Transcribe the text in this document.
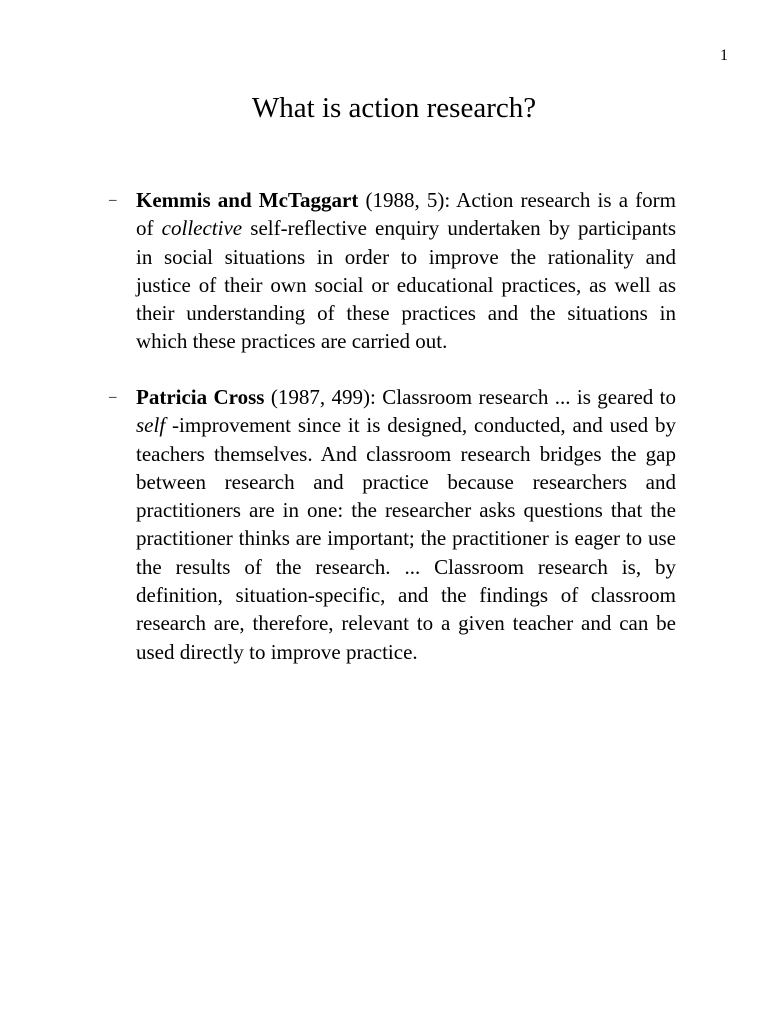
1
What is action research?
– Kemmis and McTaggart (1988, 5): Action research is a form of collective self-reflective enquiry undertaken by participants in social situations in order to improve the rationality and justice of their own social or educational practices, as well as their understanding of these practices and the situations in which these practices are carried out.
– Patricia Cross (1987, 499): Classroom research ... is geared to self -improvement since it is designed, conducted, and used by teachers themselves. And classroom research bridges the gap between research and practice because researchers and practitioners are in one: the researcher asks questions that the practitioner thinks are important; the practitioner is eager to use the results of the research. ... Classroom research is, by definition, situation-specific, and the findings of classroom research are, therefore, relevant to a given teacher and can be used directly to improve practice.
